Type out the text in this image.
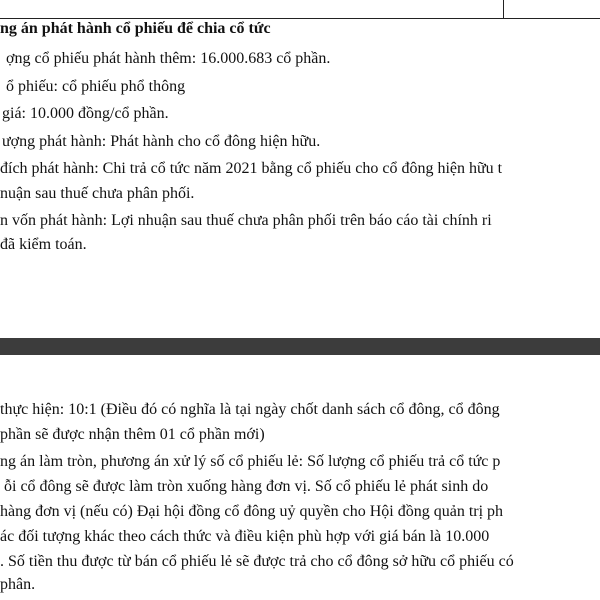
ng án phát hành cổ phiếu để chia cổ tức
ợng cổ phiếu phát hành thêm: 16.000.683 cổ phần.
ổ phiếu: cổ phiếu phổ thông
giá: 10.000 đồng/cổ phần.
ượng phát hành: Phát hành cho cổ đông hiện hữu.
đích phát hành: Chi trả cổ tức năm 2021 bằng cổ phiếu cho cổ đông hiện hữu t
nuận sau thuế chưa phân phối.
n vốn phát hành: Lợi nhuận sau thuế chưa phân phối trên báo cáo tài chính ri
đã kiểm toán.
thực hiện: 10:1 (Điều đó có nghĩa là tại ngày chốt danh sách cổ đông, cổ đông
phần sẽ được nhận thêm 01 cổ phần mới)
ng án làm tròn, phương án xử lý số cổ phiếu lẻ: Số lượng cổ phiếu trả cổ tức p
ỗi cổ đông sẽ được làm tròn xuống hàng đơn vị. Số cổ phiếu lẻ phát sinh do
hàng đơn vị (nếu có) Đại hội đồng cổ đông uỷ quyền cho Hội đồng quản trị ph
ác đối tượng khác theo cách thức và điều kiện phù hợp với giá bán là 10.000
. Số tiền thu được từ bán cổ phiếu lẻ sẽ được trả cho cổ đông sở hữu cổ phiếu có
phân.
